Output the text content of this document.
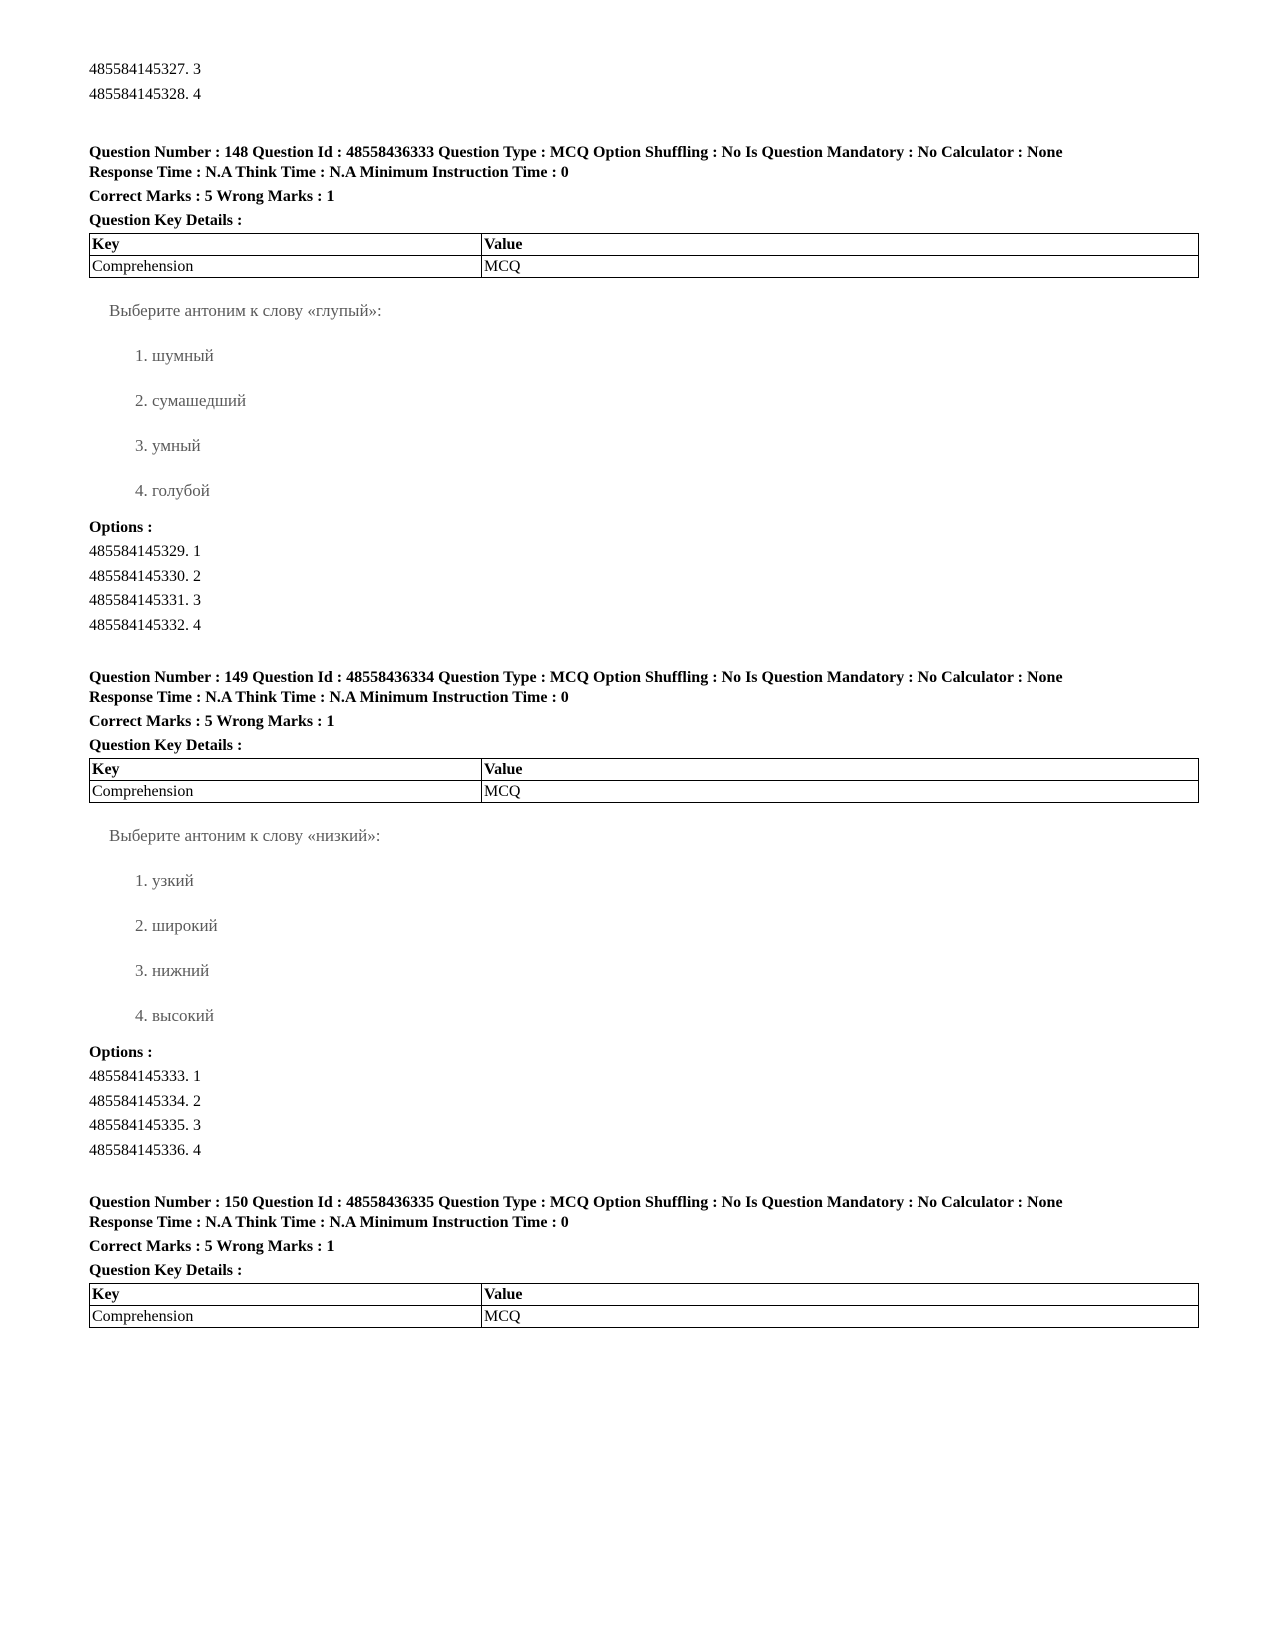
485584145327. 3
485584145328. 4
Question Number : 148 Question Id : 48558436333 Question Type : MCQ Option Shuffling : No Is Question Mandatory : No Calculator : None
Response Time : N.A Think Time : N.A Minimum Instruction Time : 0
Correct Marks : 5 Wrong Marks : 1
Question Key Details :
Key	Value
Comprehension	MCQ
Выберите антоним к слову «глупый»:
1. шумный
2. сумашедший
3. умный
4. голубой
Options :
485584145329. 1
485584145330. 2
485584145331. 3
485584145332. 4
Question Number : 149 Question Id : 48558436334 Question Type : MCQ Option Shuffling : No Is Question Mandatory : No Calculator : None
Response Time : N.A Think Time : N.A Minimum Instruction Time : 0
Correct Marks : 5 Wrong Marks : 1
Question Key Details :
Key	Value
Comprehension	MCQ
Выберите антоним к слову «низкий»:
1. узкий
2. широкий
3. нижний
4. высокий
Options :
485584145333. 1
485584145334. 2
485584145335. 3
485584145336. 4
Question Number : 150 Question Id : 48558436335 Question Type : MCQ Option Shuffling : No Is Question Mandatory : No Calculator : None
Response Time : N.A Think Time : N.A Minimum Instruction Time : 0
Correct Marks : 5 Wrong Marks : 1
Question Key Details :
Key	Value
Comprehension	MCQ
